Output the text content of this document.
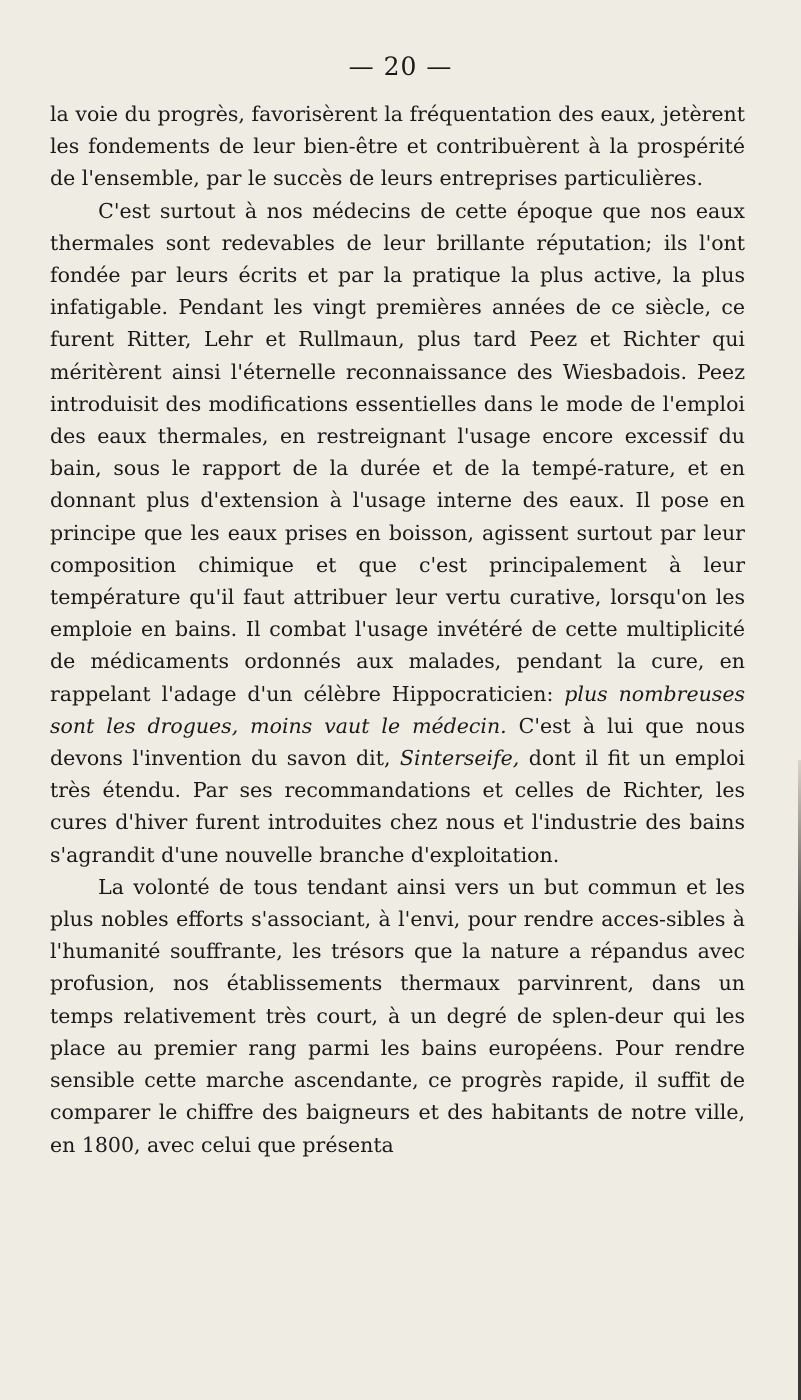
— 20 —

la voie du progrès, favorisèrent la fréquentation des eaux, jetèrent les fondements de leur bien-être et contribuèrent à la prospérité de l'ensemble, par le succès de leurs entreprises particulières.

C'est surtout à nos médecins de cette époque que nos eaux thermales sont redevables de leur brillante réputation; ils l'ont fondée par leurs écrits et par la pratique la plus active, la plus infatigable. Pendant les vingt premières années de ce siècle, ce furent Ritter, Lehr et Rullmaun, plus tard Peez et Richter qui méritèrent ainsi l'éternelle reconnaissance des Wiesbadois. Peez introduisit des modifications essentielles dans le mode de l'emploi des eaux thermales, en restreignant l'usage encore excessif du bain, sous le rapport de la durée et de la tempé-rature, et en donnant plus d'extension à l'usage interne des eaux. Il pose en principe que les eaux prises en boisson, agissent surtout par leur composition chimique et que c'est principalement à leur température qu'il faut attribuer leur vertu curative, lorsqu'on les emploie en bains. Il combat l'usage invétéré de cette multiplicité de médicaments ordonnés aux malades, pendant la cure, en rappelant l'adage d'un célèbre Hippocraticien: plus nombreuses sont les drogues, moins vaut le médecin. C'est à lui que nous devons l'invention du savon dit, Sinterseife, dont il fit un emploi très étendu. Par ses recommandations et celles de Richter, les cures d'hiver furent introduites chez nous et l'industrie des bains s'agrandit d'une nouvelle branche d'exploitation.

La volonté de tous tendant ainsi vers un but commun et les plus nobles efforts s'associant, à l'envi, pour rendre acces-sibles à l'humanité souffrante, les trésors que la nature a répandus avec profusion, nos établissements thermaux parvinrent, dans un temps relativement très court, à un degré de splen-deur qui les place au premier rang parmi les bains européens. Pour rendre sensible cette marche ascendante, ce progrès rapide, il suffit de comparer le chiffre des baigneurs et des habitants de notre ville, en 1800, avec celui que présenta
